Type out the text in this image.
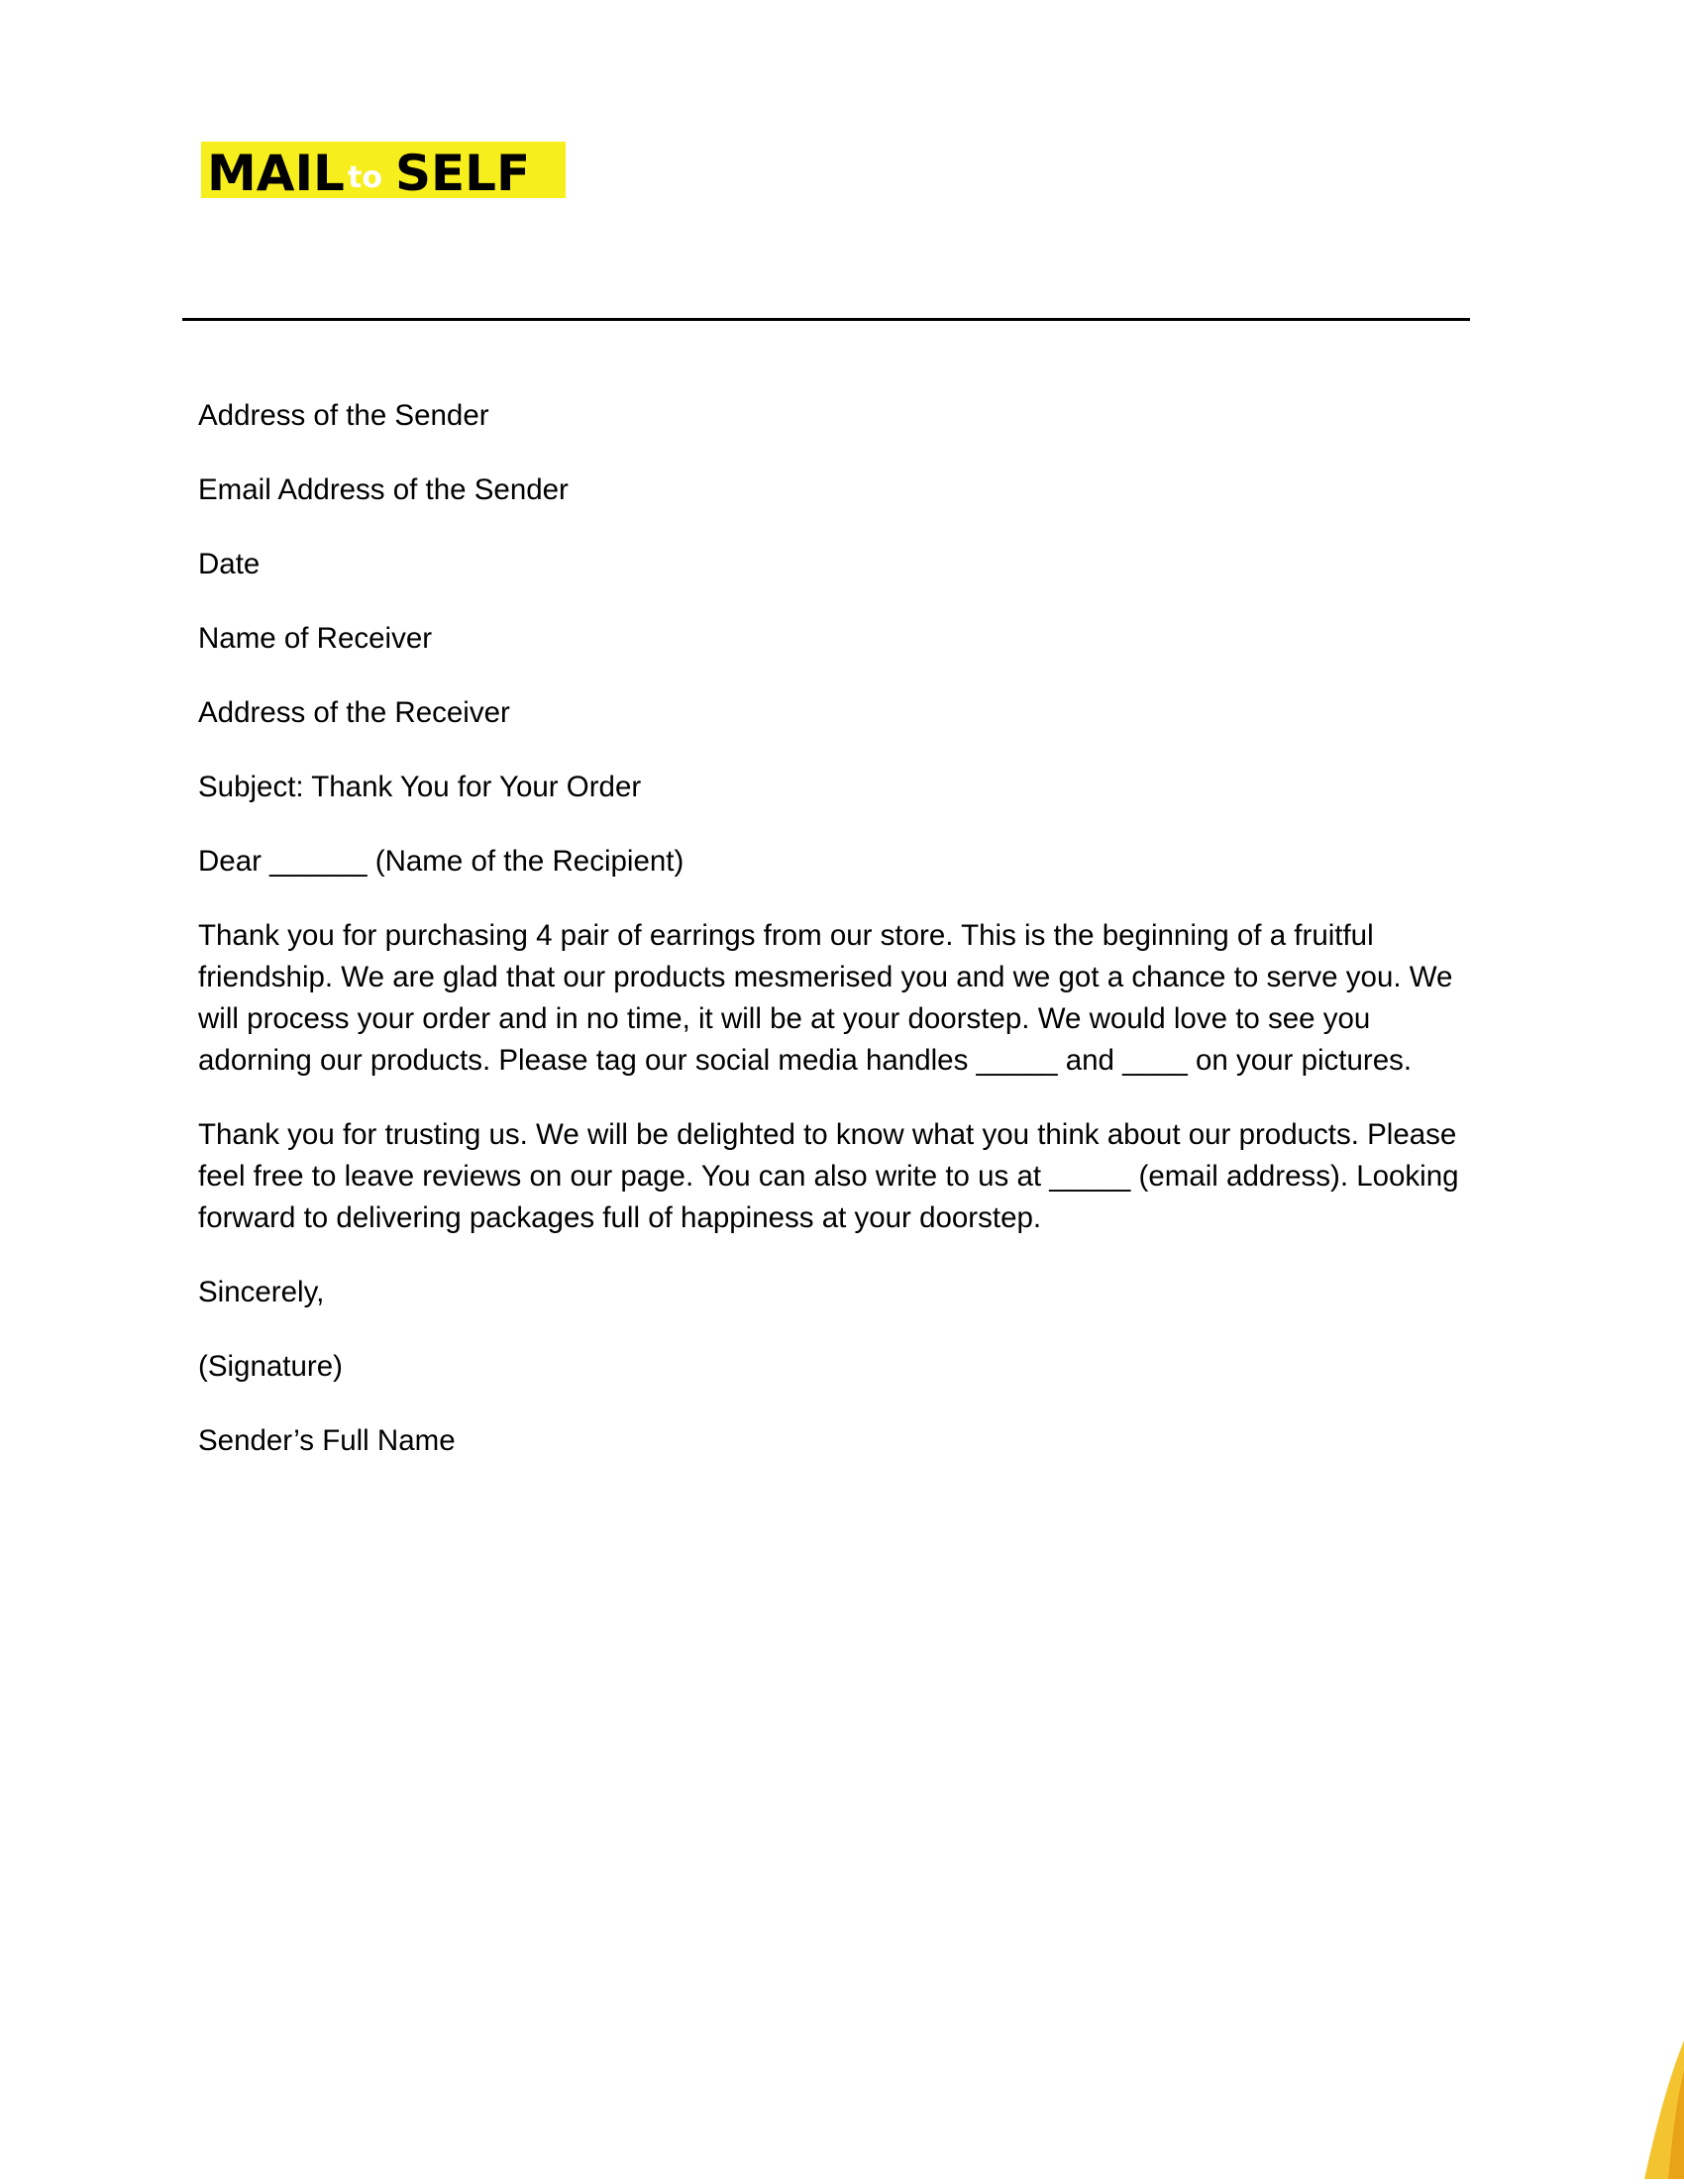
MAIL to SELF

Address of the Sender

Email Address of the Sender

Date

Name of Receiver

Address of the Receiver

Subject: Thank You for Your Order

Dear ______ (Name of the Recipient)

Thank you for purchasing 4 pair of earrings from our store. This is the beginning of a fruitful friendship. We are glad that our products mesmerised you and we got a chance to serve you. We will process your order and in no time, it will be at your doorstep. We would love to see you adorning our products. Please tag our social media handles _____ and ____ on your pictures.

Thank you for trusting us. We will be delighted to know what you think about our products. Please feel free to leave reviews on our page. You can also write to us at _____ (email address). Looking forward to delivering packages full of happiness at your doorstep.

Sincerely,

(Signature)

Sender’s Full Name
